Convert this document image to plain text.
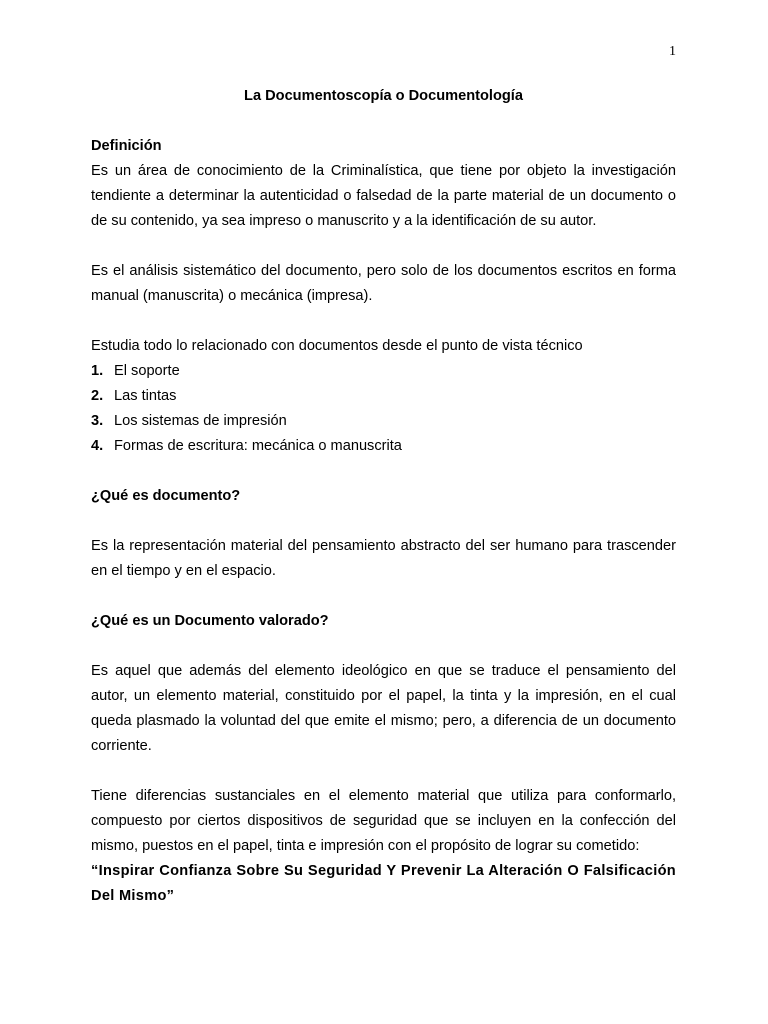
1
La Documentoscopía o Documentología
Definición

Es un área de conocimiento de la Criminalística, que tiene por objeto la investigación tendiente a determinar la autenticidad o falsedad de la parte material de un documento o de su contenido, ya sea impreso o manuscrito y a la identificación de su autor.

Es el análisis sistemático del documento, pero solo de los documentos escritos en forma manual (manuscrita) o mecánica (impresa).

Estudia todo lo relacionado con documentos desde el punto de vista técnico

1. El soporte
2. Las tintas
3. Los sistemas de impresión
4. Formas de escritura: mecánica o manuscrita
¿Qué es documento?

Es la representación material del pensamiento abstracto del ser humano para trascender en el tiempo y en el espacio.

¿Qué es un Documento valorado?

Es aquel que además del elemento ideológico en que se traduce el pensamiento del autor, un elemento material, constituido por el papel, la tinta y la impresión, en el cual queda plasmado la voluntad del que emite el mismo; pero, a diferencia de un documento corriente.

Tiene diferencias sustanciales en el elemento material que utiliza para conformarlo, compuesto por ciertos dispositivos de seguridad que se incluyen en la confección del mismo, puestos en el papel, tinta e impresión con el propósito de lograr su cometido:

“Inspirar Confianza Sobre Su Seguridad Y Prevenir La Alteración O Falsificación Del Mismo”
